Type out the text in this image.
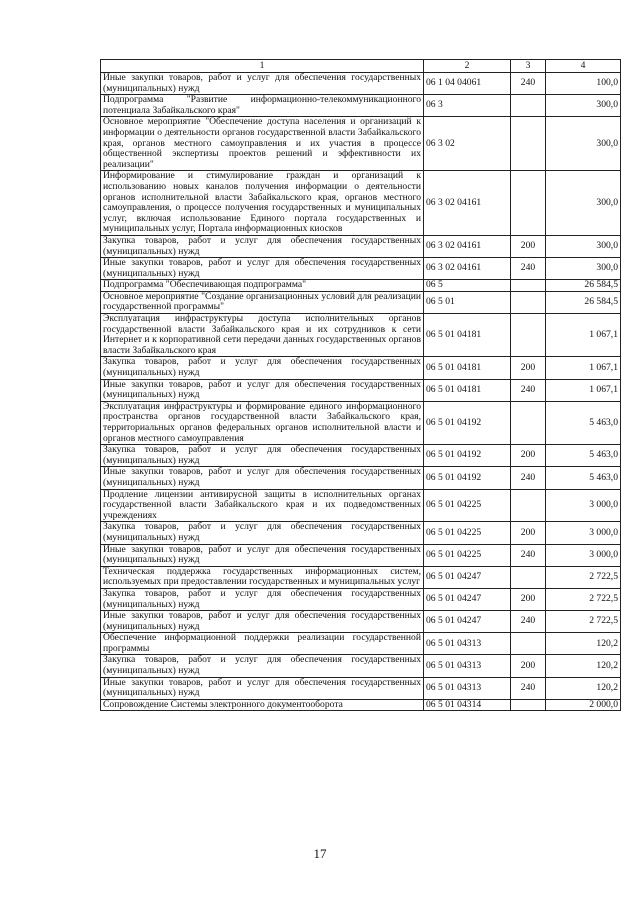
1	2	3	4
Иные закупки товаров, работ и услуг для обеспечения государственных (муниципальных) нужд	06 1 04 04061	240	100,0
Подпрограмма "Развитие информационно-телекоммуникационного потенциала Забайкальского края"	06 3		300,0
Основное мероприятие "Обеспечение доступа населения и организаций к информации о деятельности органов государственной власти Забайкальского края, органов местного самоуправления и их участия в процессе общественной экспертизы проектов решений и эффективности их реализации"	06 3 02		300,0
Информирование и стимулирование граждан и организаций к использованию новых каналов получения информации о деятельности органов исполнительной власти Забайкальского края, органов местного самоуправления, о процессе получения государственных и муниципальных услуг, включая использование Единого портала государственных и муниципальных услуг, Портала информационных киосков	06 3 02 04161		300,0
Закупка товаров, работ и услуг для обеспечения государственных (муниципальных) нужд	06 3 02 04161	200	300,0
Иные закупки товаров, работ и услуг для обеспечения государственных (муниципальных) нужд	06 3 02 04161	240	300,0
Подпрограмма "Обеспечивающая подпрограмма"	06 5		26 584,5
Основное мероприятие "Создание организационных условий для реализации государственной программы"	06 5 01		26 584,5
Эксплуатация инфраструктуры доступа исполнительных органов государственной власти Забайкальского края и их сотрудников к сети Интернет и к корпоративной сети передачи данных государственных органов власти Забайкальского края	06 5 01 04181		1 067,1
Закупка товаров, работ и услуг для обеспечения государственных (муниципальных) нужд	06 5 01 04181	200	1 067,1
Иные закупки товаров, работ и услуг для обеспечения государственных (муниципальных) нужд	06 5 01 04181	240	1 067,1
Эксплуатация инфраструктуры и формирование единого информационного пространства органов государственной власти Забайкальского края, территориальных органов федеральных органов исполнительной власти и органов местного самоуправления	06 5 01 04192		5 463,0
Закупка товаров, работ и услуг для обеспечения государственных (муниципальных) нужд	06 5 01 04192	200	5 463,0
Иные закупки товаров, работ и услуг для обеспечения государственных (муниципальных) нужд	06 5 01 04192	240	5 463,0
Продление лицензии антивирусной защиты в исполнительных органах государственной власти Забайкальского края и их подведомственных учреждениях	06 5 01 04225		3 000,0
Закупка товаров, работ и услуг для обеспечения государственных (муниципальных) нужд	06 5 01 04225	200	3 000,0
Иные закупки товаров, работ и услуг для обеспечения государственных (муниципальных) нужд	06 5 01 04225	240	3 000,0
Техническая поддержка государственных информационных систем, используемых при предоставлении государственных и муниципальных услуг	06 5 01 04247		2 722,5
Закупка товаров, работ и услуг для обеспечения государственных (муниципальных) нужд	06 5 01 04247	200	2 722,5
Иные закупки товаров, работ и услуг для обеспечения государственных (муниципальных) нужд	06 5 01 04247	240	2 722,5
Обеспечение информационной поддержки реализации государственной программы	06 5 01 04313		120,2
Закупка товаров, работ и услуг для обеспечения государственных (муниципальных) нужд	06 5 01 04313	200	120,2
Иные закупки товаров, работ и услуг для обеспечения государственных (муниципальных) нужд	06 5 01 04313	240	120,2
Сопровождение Системы электронного документооборота	06 5 01 04314		2 000,0
17
